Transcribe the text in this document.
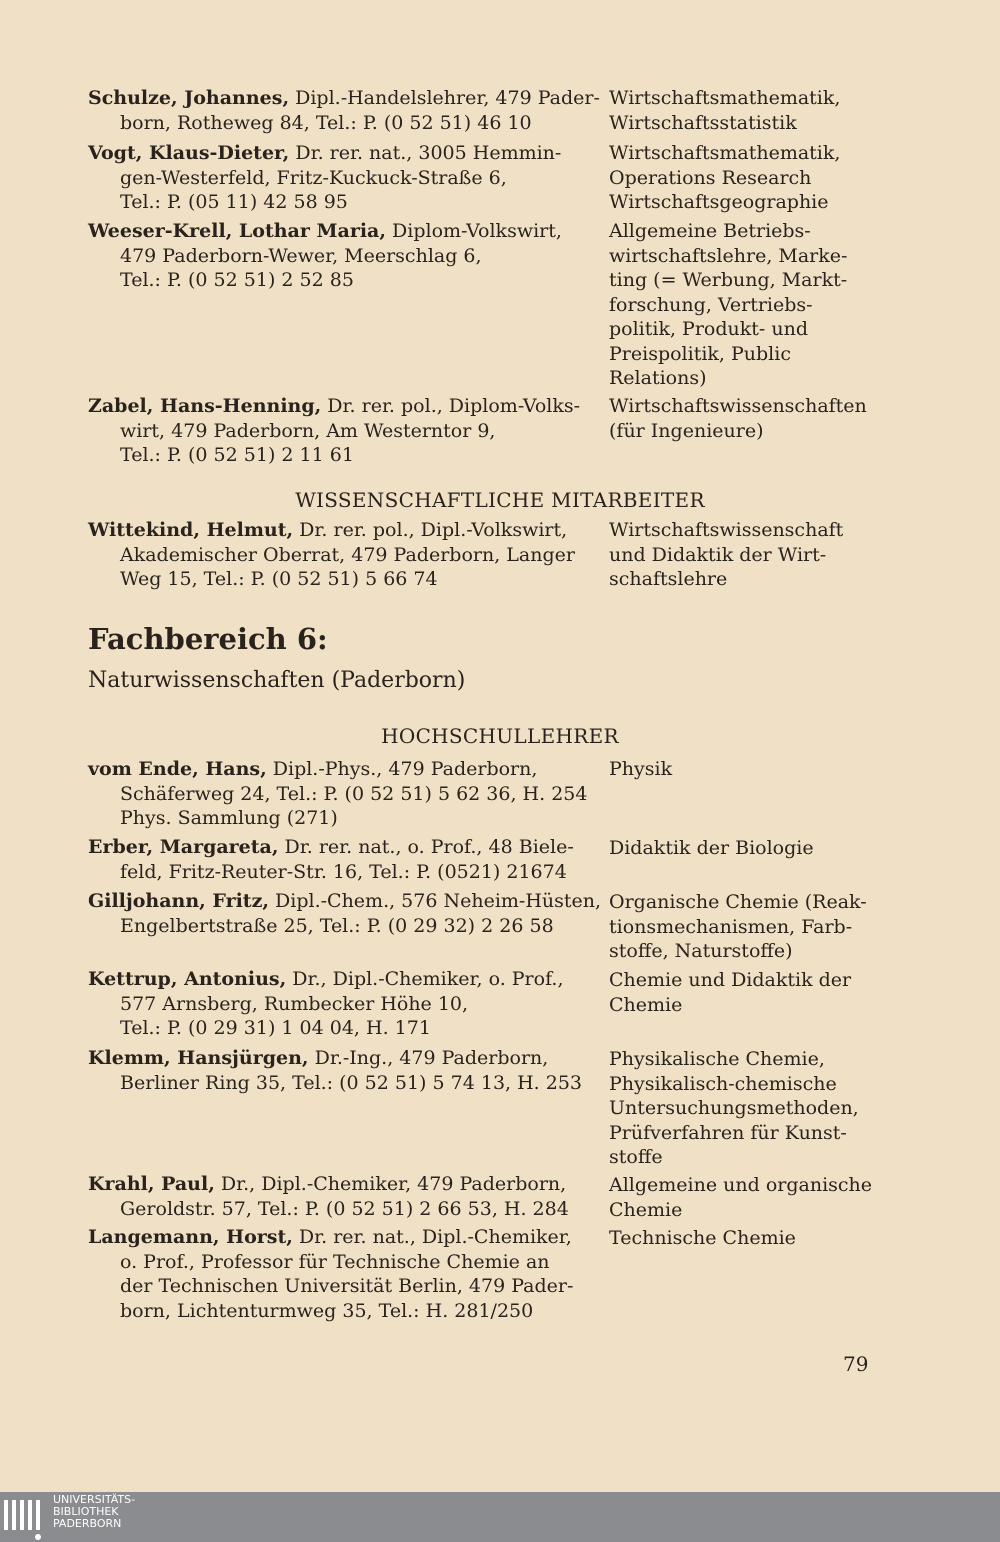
Schulze, Johannes, Dipl.-Handelslehrer, 479 Pader-
born, Rotheweg 84, Tel.: P. (0 52 51) 46 10
Wirtschaftsmathematik,
Wirtschaftsstatistik
Vogt, Klaus-Dieter, Dr. rer. nat., 3005 Hemmin-
gen-Westerfeld, Fritz-Kuckuck-Straße 6,
Tel.: P. (05 11) 42 58 95
Wirtschaftsmathematik,
Operations Research
Wirtschaftsgeographie
Weeser-Krell, Lothar Maria, Diplom-Volkswirt,
479 Paderborn-Wewer, Meerschlag 6,
Tel.: P. (0 52 51) 2 52 85
Allgemeine Betriebs-
wirtschaftslehre, Marke-
ting (= Werbung, Markt-
forschung, Vertriebs-
politik, Produkt- und
Preispolitik, Public
Relations)
Zabel, Hans-Henning, Dr. rer. pol., Diplom-Volks-
wirt, 479 Paderborn, Am Westerntor 9,
Tel.: P. (0 52 51) 2 11 61
Wirtschaftswissenschaften
(für Ingenieure)
WISSENSCHAFTLICHE MITARBEITER
Wittekind, Helmut, Dr. rer. pol., Dipl.-Volkswirt,
Akademischer Oberrat, 479 Paderborn, Langer
Weg 15, Tel.: P. (0 52 51) 5 66 74
Wirtschaftswissenschaft
und Didaktik der Wirt-
schaftslehre
Fachbereich 6:
Naturwissenschaften (Paderborn)
HOCHSCHULLEHRER
vom Ende, Hans, Dipl.-Phys., 479 Paderborn,
Schäferweg 24, Tel.: P. (0 52 51) 5 62 36, H. 254
Phys. Sammlung (271)
Physik
Erber, Margareta, Dr. rer. nat., o. Prof., 48 Biele-
feld, Fritz-Reuter-Str. 16, Tel.: P. (0521) 21674
Didaktik der Biologie
Gilljohann, Fritz, Dipl.-Chem., 576 Neheim-Hüsten,
Engelbertstraße 25, Tel.: P. (0 29 32) 2 26 58
Organische Chemie (Reak-
tionsmechanismen, Farb-
stoffe, Naturstoffe)
Kettrup, Antonius, Dr., Dipl.-Chemiker, o. Prof.,
577 Arnsberg, Rumbecker Höhe 10,
Tel.: P. (0 29 31) 1 04 04, H. 171
Chemie und Didaktik der
Chemie
Klemm, Hansjürgen, Dr.-Ing., 479 Paderborn,
Berliner Ring 35, Tel.: (0 52 51) 5 74 13, H. 253
Physikalische Chemie,
Physikalisch-chemische
Untersuchungsmethoden,
Prüfverfahren für Kunst-
stoffe
Krahl, Paul, Dr., Dipl.-Chemiker, 479 Paderborn,
Geroldstr. 57, Tel.: P. (0 52 51) 2 66 53, H. 284
Allgemeine und organische
Chemie
Langemann, Horst, Dr. rer. nat., Dipl.-Chemiker,
o. Prof., Professor für Technische Chemie an
der Technischen Universität Berlin, 479 Pader-
born, Lichtenturmweg 35, Tel.: H. 281/250
Technische Chemie
79
UNIVERSITÄTS-
BIBLIOTHEK
PADERBORN
